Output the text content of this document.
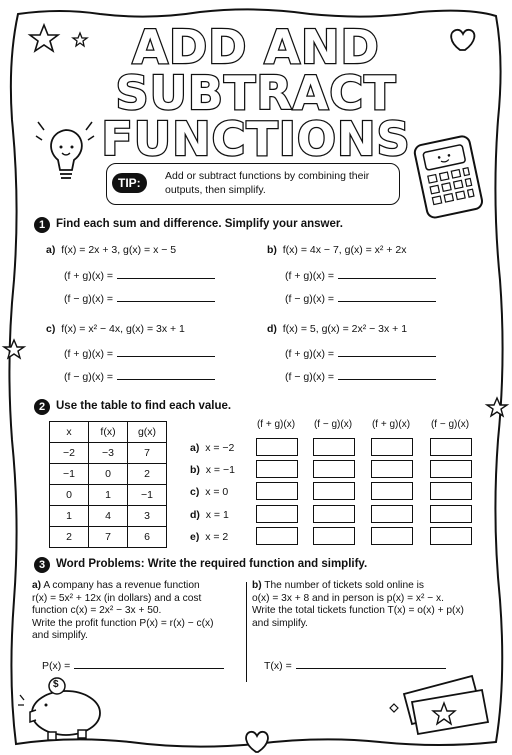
$
ADD AND
SUBTRACT
FUNCTIONS
TIP:	Add or subtract functions by combining their outputs, then simplify.
1 Find each sum and difference. Simplify your answer.
a) f(x) = 2x + 3, g(x) = x − 5
(f + g)(x) =
(f − g)(x) =
b) f(x) = 4x − 7, g(x) = x² + 2x
(f + g)(x) =
(f − g)(x) =
c) f(x) = x² − 4x, g(x) = 3x + 1
(f + g)(x) =
(f − g)(x) =
d) f(x) = 5, g(x) = 2x² − 3x + 1
(f + g)(x) =
(f − g)(x) =
2 Use the table to find each value.
x	f(x)	g(x)
−2	−3	7
−1	0	2
0	1	−1
1	4	3
2	7	6
(f + g)(x)	(f − g)(x)	(f + g)(x)	(f − g)(x)
a) x = −2
b) x = −1
c) x = 0
d) x = 1
e) x = 2
3 Word Problems: Write the required function and simplify.
a) A company has a revenue function
r(x) = 5x² + 12x (in dollars) and a cost
function c(x) = 2x² − 3x + 50.
Write the profit function P(x) = r(x) − c(x)
and simplify.
P(x) =
b) The number of tickets sold online is
o(x) = 3x + 8 and in person is p(x) = x² − x.
Write the total tickets function T(x) = o(x) + p(x)
and simplify.
T(x) =
